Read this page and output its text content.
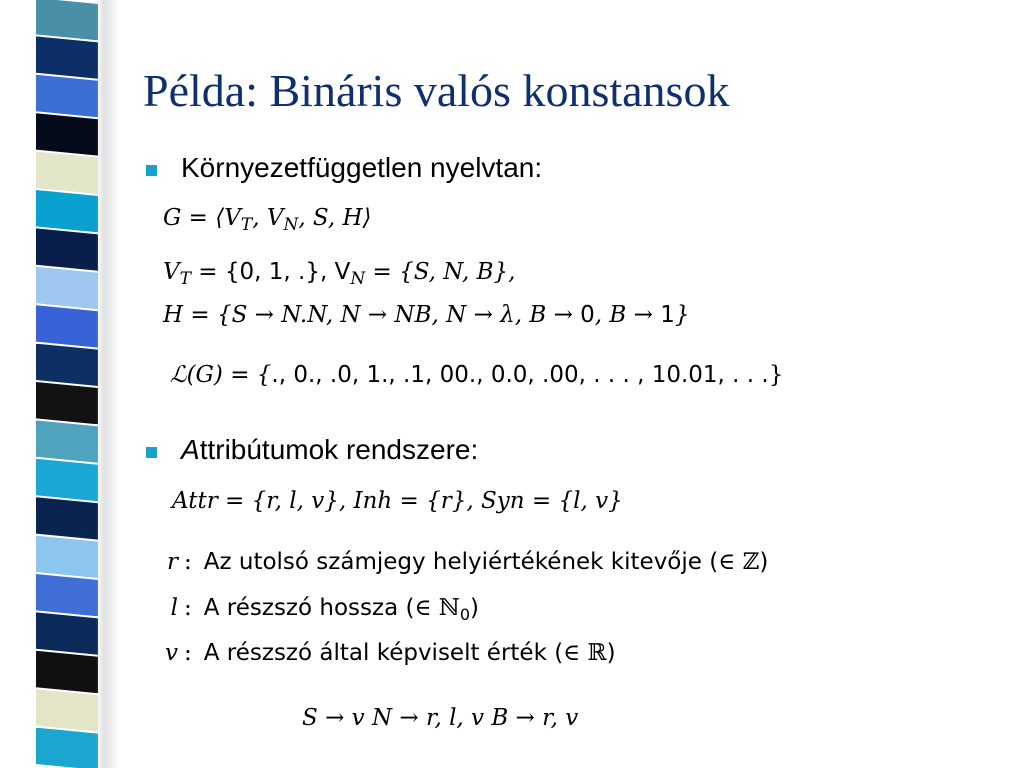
Példa: Bináris valós konstansok
Környezetfüggetlen nyelvtan:
$G = ⟨V_T$, $V_N$, S, H⟩
$V_T = \{0$, 1, .}, $V_N = \{S$, N, B},
H = {S → N.N, N → NB, N → λ, B → 0, B → 1}
ℒ(G) = {., 0., .0, 1., .1, 00., 0.0, .00, . . . , 10.01, . . .}
Attribútumok rendszere:
Attr = {r, l, v}, Inh = {r}, Syn = {l, v}
r : Az utolsó számjegy helyiértékének kitevője (∈ ℤ)
l : A részszó hossza (∈ ℕ$_0$)
v : A részszó által képviselt érték (∈ ℝ)
S → v N → r, l, v B → r, v
